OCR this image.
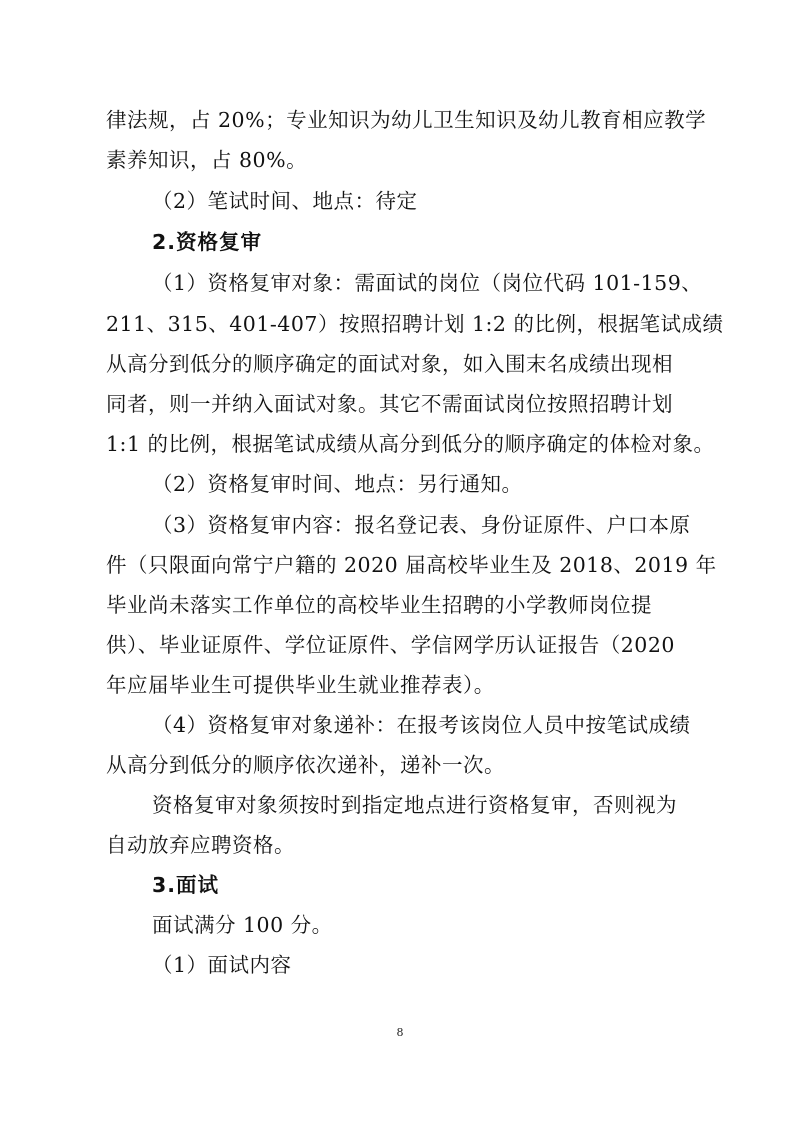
律法规，占 20%；专业知识为幼儿卫生知识及幼儿教育相应教学
素养知识，占 80%。
（2）笔试时间、地点：待定
2.资格复审
（1）资格复审对象：需面试的岗位（岗位代码 101-159、
211、315、401-407）按照招聘计划 1:2 的比例，根据笔试成绩
从高分到低分的顺序确定的面试对象，如入围末名成绩出现相
同者，则一并纳入面试对象。其它不需面试岗位按照招聘计划
1:1 的比例，根据笔试成绩从高分到低分的顺序确定的体检对象。
（2）资格复审时间、地点：另行通知。
（3）资格复审内容：报名登记表、身份证原件、户口本原
件（只限面向常宁户籍的 2020 届高校毕业生及 2018、2019 年
毕业尚未落实工作单位的高校毕业生招聘的小学教师岗位提
供）、毕业证原件、学位证原件、学信网学历认证报告（2020
年应届毕业生可提供毕业生就业推荐表）。
（4）资格复审对象递补：在报考该岗位人员中按笔试成绩
从高分到低分的顺序依次递补，递补一次。
资格复审对象须按时到指定地点进行资格复审，否则视为
自动放弃应聘资格。
3.面试
面试满分 100 分。
（1）面试内容
8
